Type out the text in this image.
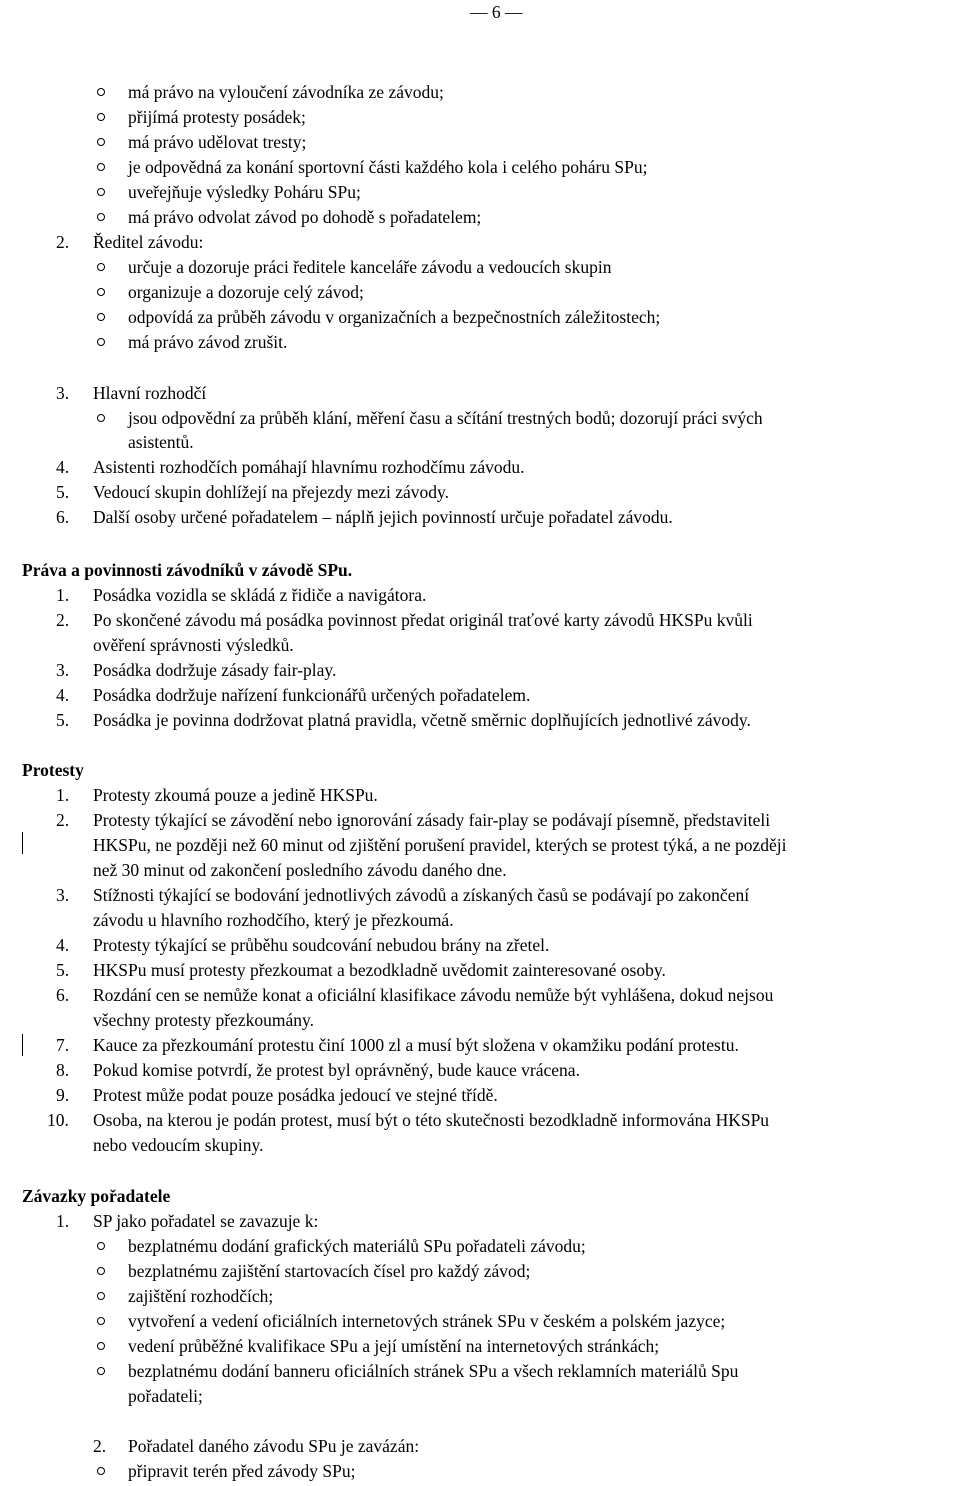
— 6 —
má právo na vyloučení závodníka ze závodu;
přijímá protesty posádek;
má právo udělovat tresty;
je odpovědná za konání sportovní části každého kola i celého poháru SPu;
uveřejňuje výsledky Poháru SPu;
má právo odvolat závod po dohodě s pořadatelem;
2. Ředitel závodu:
určuje a dozoruje práci ředitele kanceláře závodu a vedoucích skupin
organizuje a dozoruje celý závod;
odpovídá za průběh závodu v organizačních a bezpečnostních záležitostech;
má právo závod zrušit.
3. Hlavní rozhodčí
jsou odpovědní za průběh klání, měření času a sčítání trestných bodů; dozorují práci svých
asistentů.
4. Asistenti rozhodčích pomáhají hlavnímu rozhodčímu závodu.
5. Vedoucí skupin dohlížejí na přejezdy mezi závody.
6. Další osoby určené pořadatelem – náplň jejich povinností určuje pořadatel závodu.
Práva a povinnosti závodníků v závodě SPu.
1. Posádka vozidla se skládá z řidiče a navigátora.
2. Po skončené závodu má posádka povinnost předat originál traťové karty závodů HKSPu kvůli
ověření správnosti výsledků.
3. Posádka dodržuje zásady fair-play.
4. Posádka dodržuje nařízení funkcionářů určených pořadatelem.
5. Posádka je povinna dodržovat platná pravidla, včetně směrnic doplňujících jednotlivé závody.
Protesty
1. Protesty zkoumá pouze a jedině HKSPu.
2. Protesty týkající se závodění nebo ignorování zásady fair-play se podávají písemně, představiteli
HKSPu, ne později než 60 minut od zjištění porušení pravidel, kterých se protest týká, a ne později
než 30 minut od zakončení posledního závodu daného dne.
3. Stížnosti týkající se bodování jednotlivých závodů a získaných časů se podávají po zakončení
závodu u hlavního rozhodčího, který je přezkoumá.
4. Protesty týkající se průběhu soudcování nebudou brány na zřetel.
5. HKSPu musí protesty přezkoumat a bezodkladně uvědomit zainteresované osoby.
6. Rozdání cen se nemůže konat a oficiální klasifikace závodu nemůže být vyhlášena, dokud nejsou
všechny protesty přezkoumány.
7. Kauce za přezkoumání protestu činí 1000 zl a musí být složena v okamžiku podání protestu.
8. Pokud komise potvrdí, že protest byl oprávněný, bude kauce vrácena.
9. Protest může podat pouze posádka jedoucí ve stejné třídě.
10. Osoba, na kterou je podán protest, musí být o této skutečnosti bezodkladně informována HKSPu
nebo vedoucím skupiny.
Závazky pořadatele
1. SP jako pořadatel se zavazuje k:
bezplatnému dodání grafických materiálů SPu pořadateli závodu;
bezplatnému zajištění startovacích čísel pro každý závod;
zajištění rozhodčích;
vytvoření a vedení oficiálních internetových stránek SPu v českém a polském jazyce;
vedení průběžné kvalifikace SPu a její umístění na internetových stránkách;
bezplatnému dodání banneru oficiálních stránek SPu a všech reklamních materiálů Spu
pořadateli;
2. Pořadatel daného závodu SPu je zavázán:
připravit terén před závody SPu;
